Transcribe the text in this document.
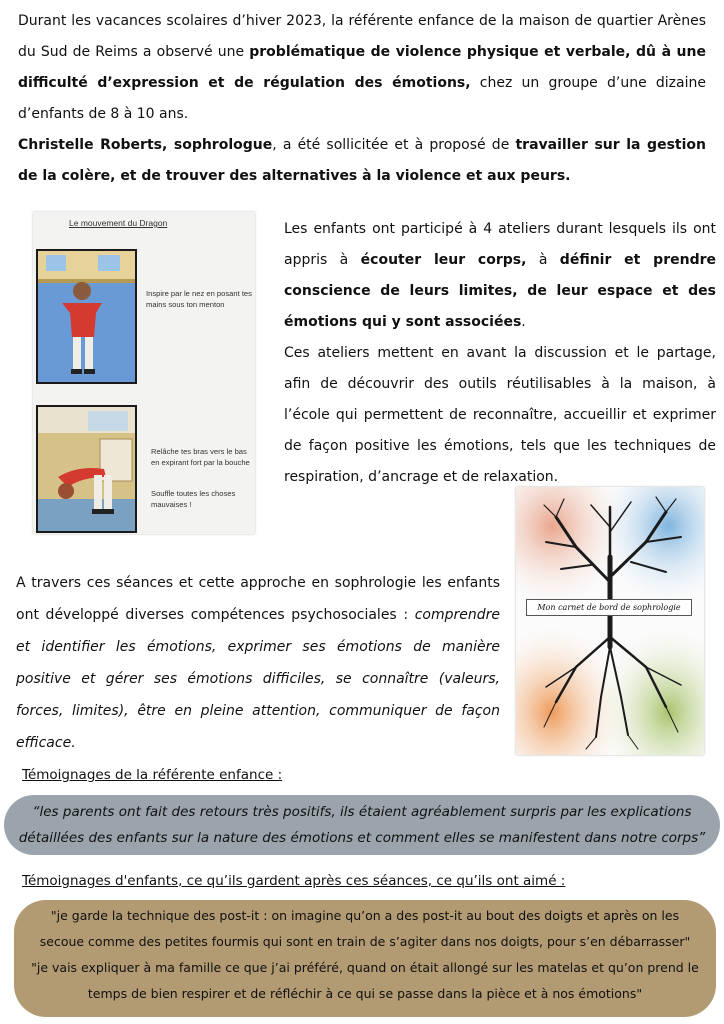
Durant les vacances scolaires d’hiver 2023, la référente enfance de la maison de quartier Arènes du Sud de Reims a observé une problématique de violence physique et verbale, dû à une difficulté d’expression et de régulation des émotions, chez un groupe d’une dizaine d’enfants de 8 à 10 ans.
Christelle Roberts, sophrologue, a été sollicitée et à proposé de travailler sur la gestion de la colère, et de trouver des alternatives à la violence et aux peurs.
Le mouvement du Dragon
Inspire par le nez en posant tes mains sous ton menton
Relâche tes bras vers le bas en expirant fort par la bouche
Souffle toutes les choses mauvaises !
Les enfants ont participé à 4 ateliers durant lesquels ils ont appris à écouter leur corps, à définir et prendre conscience de leurs limites, de leur espace et des émotions qui y sont associées.
Ces ateliers mettent en avant la discussion et le partage, afin de découvrir des outils réutilisables à la maison, à l’école qui permettent de reconnaître, accueillir et exprimer de façon positive les émotions, tels que les techniques de respiration, d’ancrage et de relaxation.
A travers ces séances et cette approche en sophrologie les enfants ont développé diverses compétences psychosociales : comprendre et identifier les émotions, exprimer ses émotions de manière positive et gérer ses émotions difficiles, se connaître (valeurs, forces, limites), être en pleine attention, communiquer de façon efficace.
Mon carnet de bord de sophrologie
Témoignages de la référente enfance :
“les parents ont fait des retours très positifs, ils étaient agréablement surpris par les explications
détaillées des enfants sur la nature des émotions et comment elles se manifestent dans notre corps”
Témoignages d'enfants, ce qu’ils gardent après ces séances, ce qu’ils ont aimé :
"je garde la technique des post-it : on imagine qu’on a des post-it au bout des doigts et après on les
secoue comme des petites fourmis qui sont en train de s’agiter dans nos doigts, pour s’en débarrasser"
"je vais expliquer à ma famille ce que j’ai préféré, quand on était allongé sur les matelas et qu’on prend le
temps de bien respirer et de réfléchir à ce qui se passe dans la pièce et à nos émotions"
